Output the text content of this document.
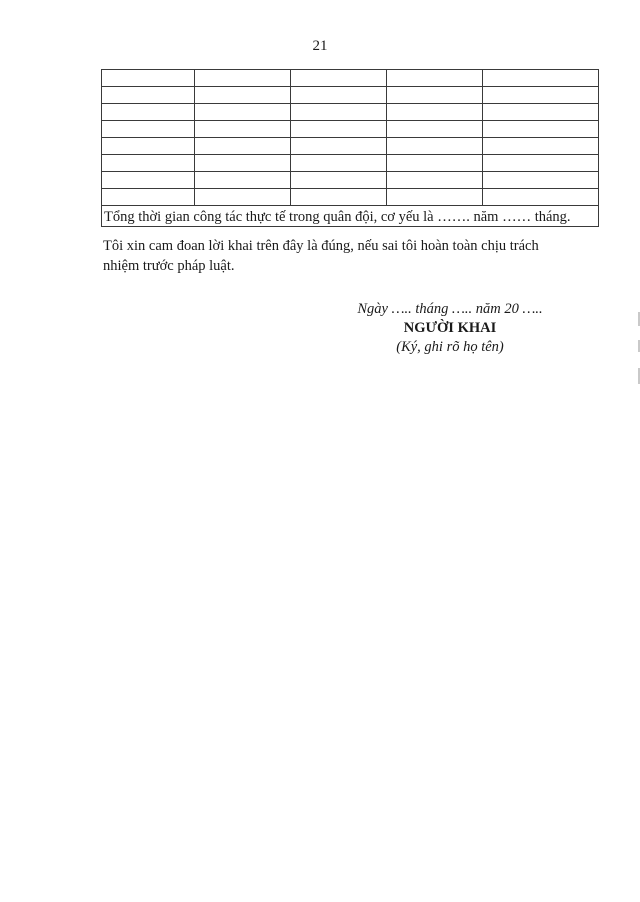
21

Tổng thời gian công tác thực tế trong quân đội, cơ yếu là ……. năm …… tháng.				
Tôi xin cam đoan lời khai trên đây là đúng, nếu sai tôi hoàn toàn chịu trách
nhiệm trước pháp luật.
Ngày ….. tháng ….. năm 20 …..
NGƯỜI KHAI
(Ký, ghi rõ họ tên)
